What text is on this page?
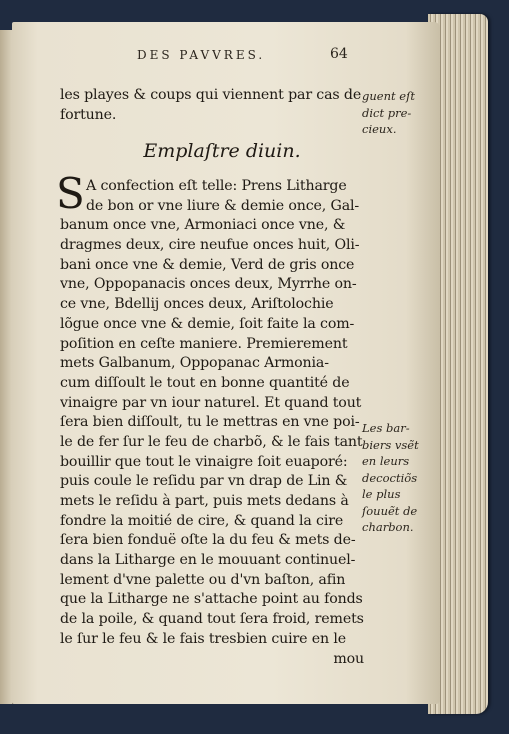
DES PAVVRES.	64
les playes & coups qui viennent par cas de
fortune.
Emplaſtre diuin.
S A confection eſt telle: Prens Litharge
de bon or vne liure & demie once, Gal-
banum once vne, Armoniaci once vne, &
dragmes deux, cire neufue onces huit, Oli-
bani once vne & demie, Verd de gris once
vne, Oppopanacis onces deux, Myrrhe on-
ce vne, Bdellij onces deux, Ariſtolochie
lõgue once vne & demie, ſoit faite la com-
poſition en ceſte maniere. Premierement
mets Galbanum, Oppopanac Armonia-
cum diſſoult le tout en bonne quantité de
vinaigre par vn iour naturel. Et quand tout
ſera bien diſſoult, tu le mettras en vne poi-
le de fer ſur le feu de charbõ, & le fais tant
bouillir que tout le vinaigre ſoit euaporé:
puis coule le reſidu par vn drap de Lin &
mets le reſidu à part, puis mets dedans à
fondre la moitié de cire, & quand la cire
ſera bien fonduë oſte la du feu & mets de-
dans la Litharge en le mouuant continuel-
lement d'vne palette ou d'vn baſton, afin
que la Litharge ne s'attache point au fonds
de la poile, & quand tout ſera froid, remets
le ſur le feu & le fais tresbien cuire en le
mou
guent eſt
dict pre-
cieux.
Les bar-
biers vsẽt
en leurs
decoctiõs
le plus
ſouuẽt de
charbon.
